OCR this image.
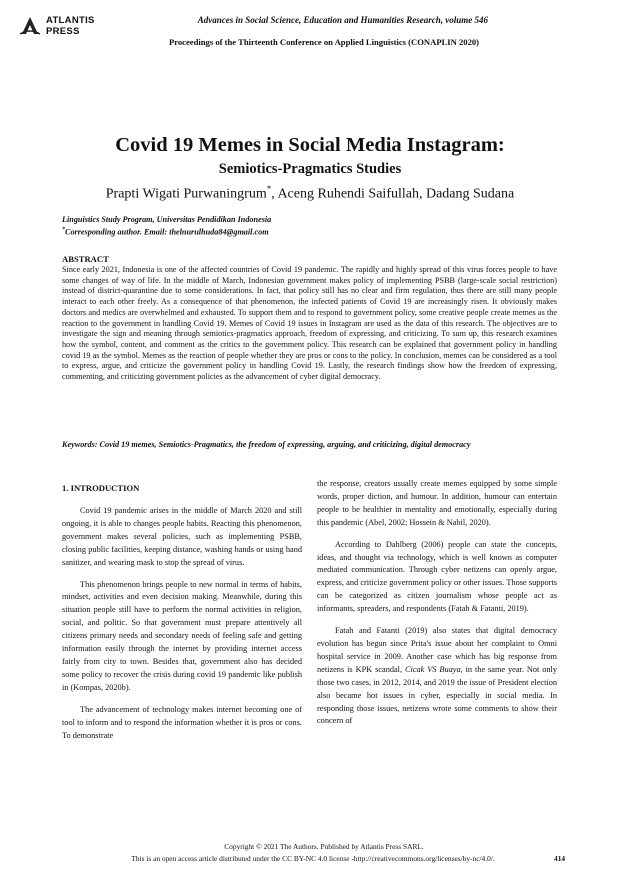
ATLANTIS
PRESS
Advances in Social Science, Education and Humanities Research, volume 546
Proceedings of the Thirteenth Conference on Applied Linguistics (CONAPLIN 2020)
Covid 19 Memes in Social Media Instagram:
Semiotics-Pragmatics Studies
Prapti Wigati Purwaningrum*, Aceng Ruhendi Saifullah, Dadang Sudana
Linguistics Study Program, Universitas Pendidikan Indonesia
*Corresponding author. Email: thelnurulhuda84@gmail.com
ABSTRACT

Since early 2021, Indonesia is one of the affected countries of Covid 19 pandemic. The rapidly and highly spread of this virus forces people to have some changes of way of life. In the middle of March, Indonesian government makes policy of implementing PSBB (large-scale social restriction) instead of district-quarantine due to some considerations. In fact, that policy still has no clear and firm regulation, thus there are still many people interact to each other freely. As a consequence of that phenomenon, the infected patients of Covid 19 are increasingly risen. It obviously makes doctors and medics are overwhelmed and exhausted. To support them and to respond to government policy, some creative people create memes as the reaction to the government in handling Covid 19. Memes of Covid 19 issues in Instagram are used as the data of this research. The objectives are to investigate the sign and meaning through semiotics-pragmatics approach, freedom of expressing, and criticizing. To sum up, this research examines how the symbol, content, and comment as the critics to the government policy. This research can be explained that government policy in handling covid 19 as the symbol. Memes as the reaction of people whether they are pros or cons to the policy. In conclusion, memes can be considered as a tool to express, argue, and criticize the government policy in handling Covid 19. Lastly, the research findings show how the freedom of expressing, commenting, and criticizing government policies as the advancement of cyber digital democracy.

Keywords: Covid 19 memes, Semiotics-Pragmatics, the freedom of expressing, arguing, and criticizing, digital democracy

1. INTRODUCTION

Covid 19 pandemic arises in the middle of March 2020 and still ongoing, it is able to changes people habits. Reacting this phenomenon, government makes several policies, such as implementing PSBB, closing public facilities, keeping distance, washing hands or using hand sanitizer, and wearing mask to stop the spread of virus.

This phenomenon brings people to new normal in terms of habits, mindset, activities and even decision making. Meanwhile, during this situation people still have to perform the normal activities in religion, social, and politic. So that government must prepare attentively all citizens primary needs and secondary needs of feeling safe and getting information easily through the internet by providing internet access fairly from city to town. Besides that, government also has decided some policy to recover the crisis during covid 19 pandemic like publish in (Kompas, 2020b).

The advancement of technology makes internet becoming one of tool to inform and to respond the information whether it is pros or cons. To demonstrate

the response, creators usually create memes equipped by some simple words, proper diction, and humour. In addition, humour can entertain people to be healthier in mentality and emotionally, especially during this pandemic (Abel, 2002; Hossein & Nabil, 2020).

According to Dahlberg (2006) people can state the concepts, ideas, and thought via technology, which is well known as computer mediated communication. Through cyber netizens can openly argue, express, and criticize government policy or other issues. Those supports can be categorized as citizen journalism whose people act as informants, spreaders, and respondents (Fatah & Fatanti, 2019).

Fatah and Fatanti (2019) also states that digital democracy evolution has begun since Prita's issue about her complaint to Omni hospital service in 2009. Another case which has big response from netizens is KPK scandal, Cicak VS Buaya, in the same year. Not only those two cases, in 2012, 2014, and 2019 the issue of President election also became hot issues in cyber, especially in social media. In responding those issues, netizens wrote some comments to show their concern of

Copyright © 2021 The Authors. Published by Atlantis Press SARL.
This is an open access article distributed under the CC BY-NC 4.0 license -http://creativecommons.org/licenses/by-nc/4.0/.	414
